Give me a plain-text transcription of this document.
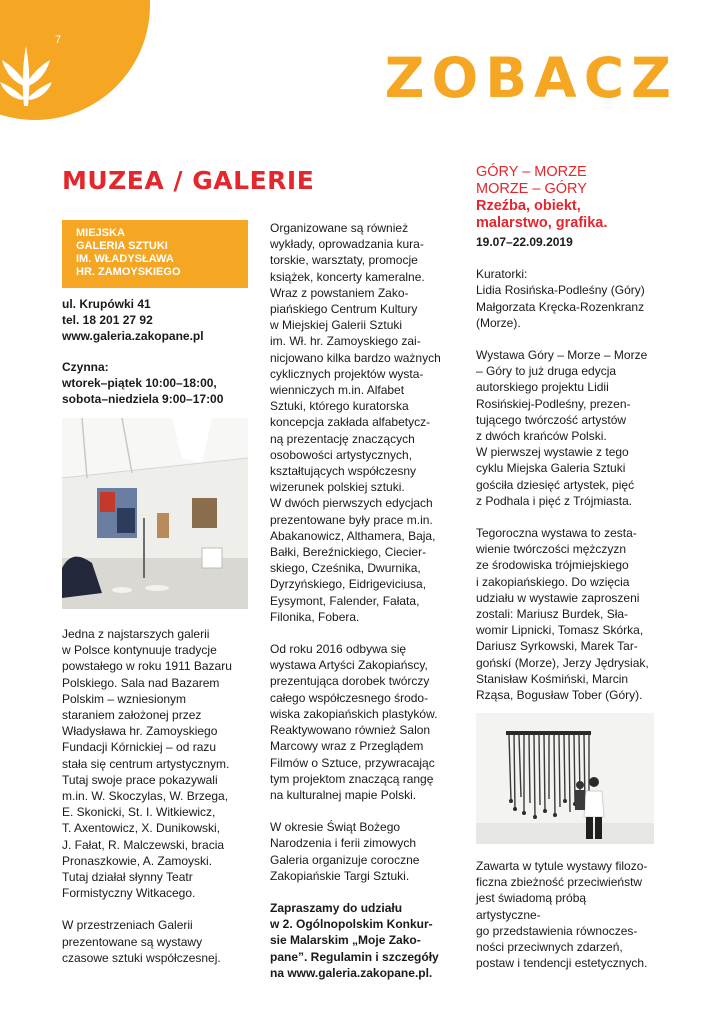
7
ZOBACZ
MUZEA / GALERIE
MIEJSKA
GALERIA SZTUKI
IM. WŁADYSŁAWA
HR. ZAMOYSKIEGO
ul. Krupówki 41
tel. 18 201 27 92
www.galeria.zakopane.pl
Czynna:
wtorek–piątek 10:00–18:00,
sobota–niedziela 9:00–17:00

Jedna z najstarszych galerii
w Polsce kontynuuje tradycje
powstałego w roku 1911 Bazaru
Polskiego. Sala nad Bazarem
Polskim – wzniesionym
staraniem założonej przez
Władysława hr. Zamoyskiego
Fundacji Kórnickiej – od razu
stała się centrum artystycznym.
Tutaj swoje prace pokazywali
m.in. W. Skoczylas, W. Brzega,
E. Skonicki, St. I. Witkiewicz,
T. Axentowicz, X. Dunikowski,
J. Fałat, R. Malczewski, bracia
Pronaszkowie, A. Zamoyski.
Tutaj działał słynny Teatr
Formistyczny Witkacego.

W przestrzeniach Galerii
prezentowane są wystawy
czasowe sztuki współczesnej.

Organizowane są również
wykłady, oprowadzania kura-
torskie, warsztaty, promocje
książek, koncerty kameralne.
Wraz z powstaniem Zako-
piańskiego Centrum Kultury
w Miejskiej Galerii Sztuki
im. Wł. hr. Zamoyskiego zai-
nicjowano kilka bardzo ważnych
cyklicznych projektów wysta-
wienniczych m.in. Alfabet
Sztuki, którego kuratorska
koncepcja zakłada alfabetycz-
ną prezentację znaczących
osobowości artystycznych,
kształtujących współczesny
wizerunek polskiej sztuki.
W dwóch pierwszych edycjach
prezentowane były prace m.in.
Abakanowicz, Althamera, Baja,
Bałki, Bereźnickiego, Ciecier-
skiego, Cześnika, Dwurnika,
Dyrzyńskiego, Eidrigeviciusa,
Eysymont, Falender, Fałata,
Filonika, Fobera.

Od roku 2016 odbywa się
wystawa Artyści Zakopiańscy,
prezentująca dorobek twórczy
całego współczesnego środo-
wiska zakopiańskich plastyków.
Reaktywowano również Salon
Marcowy wraz z Przeglądem
Filmów o Sztuce, przywracając
tym projektom znaczącą rangę
na kulturalnej mapie Polski.

W okresie Świąt Bożego
Narodzenia i ferii zimowych
Galeria organizuje coroczne
Zakopiańskie Targi Sztuki.

Zapraszamy do udziału
w 2. Ogólnopolskim Konkur-
sie Malarskim „Moje Zako-
pane”. Regulamin i szczegóły
na www.galeria.zakopane.pl.

GÓRY – MORZE
MORZE – GÓRY
Rzeźba, obiekt,
malarstwo, grafika.
19.07–22.09.2019

Kuratorki:
Lidia Rosińska-Podleśny (Góry)
Małgorzata Kręcka-Rozenkranz
(Morze).

Wystawa Góry – Morze – Morze
– Góry to już druga edycja
autorskiego projektu Lidii
Rosińskiej-Podleśny, prezen-
tującego twórczość artystów
z dwóch krańców Polski.
W pierwszej wystawie z tego
cyklu Miejska Galeria Sztuki
gościła dziesięć artystek, pięć
z Podhala i pięć z Trójmiasta.

Tegoroczna wystawa to zesta-
wienie twórczości mężczyzn
ze środowiska trójmiejskiego
i zakopiańskiego. Do wzięcia
udziału w wystawie zaproszeni
zostali: Mariusz Burdek, Sła-
womir Lipnicki, Tomasz Skórka,
Dariusz Syrkowski, Marek Tar-
gońskí (Morze), Jerzy Jędrysiak,
Stanisław Kośmiński, Marcin
Rząsa, Bogusław Tober (Góry).

Zawarta w tytule wystawy filozo-
ficzna zbieżność przeciwieństw
jest świadomą próbą artystyczne-
go przedstawienia równoczes-
ności przeciwnych zdarzeń,
postaw i tendencji estetycznych.
